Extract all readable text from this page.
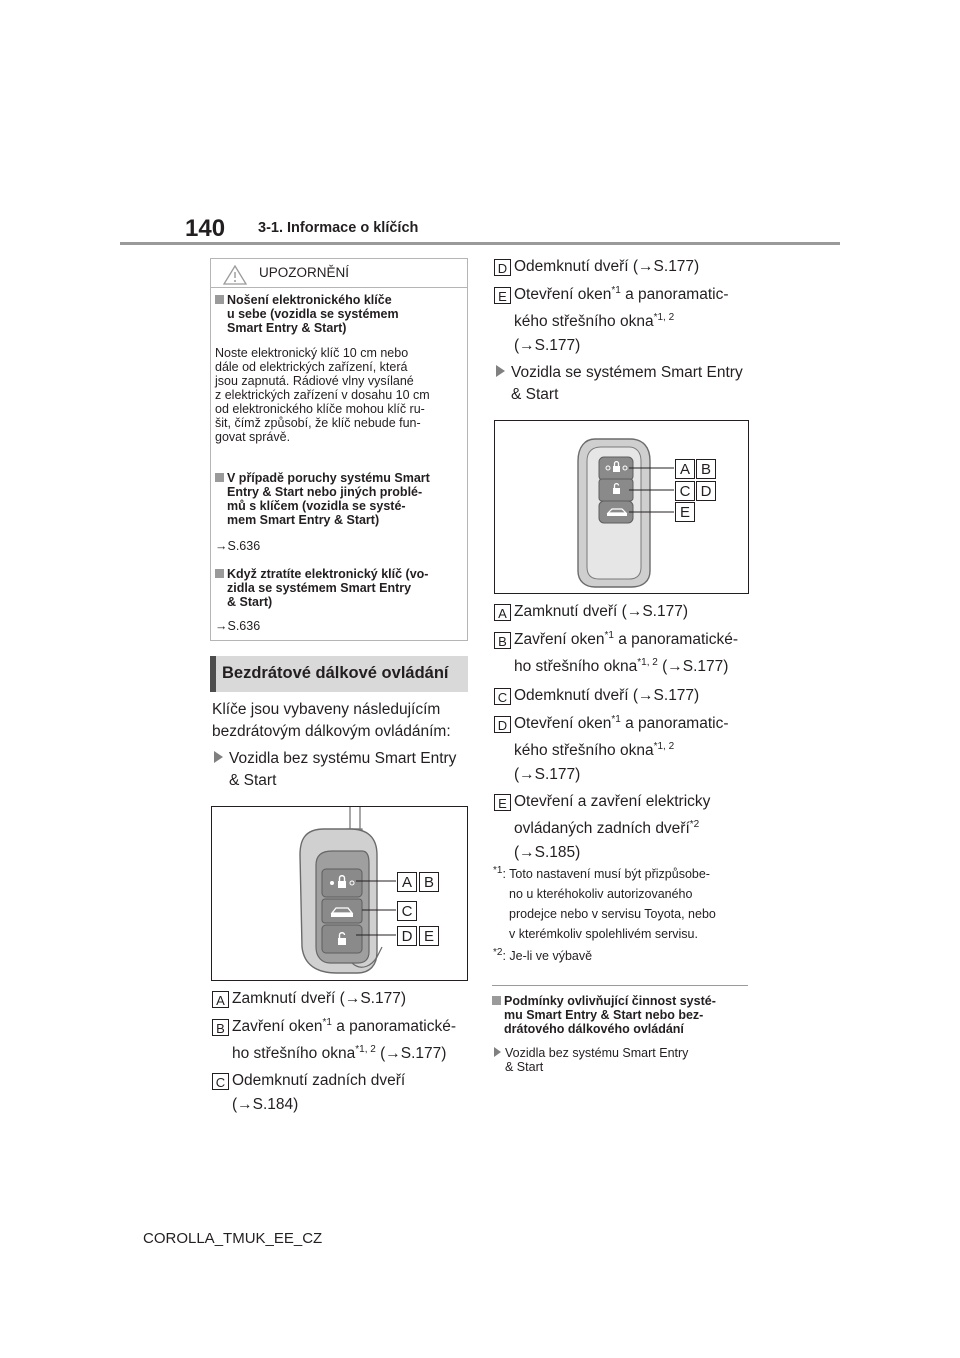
140 3-1. Informace o klíčích
UPOZORNĚNÍ
Nošení elektronického klíče
u sebe (vozidla se systémem
Smart Entry & Start)
Noste elektronický klíč 10 cm nebo
dále od elektrických zařízení, která
jsou zapnutá. Rádiové vlny vysílané
z elektrických zařízení v dosahu 10 cm
od elektronického klíče mohou klíč ru-
šit, čímž způsobí, že klíč nebude fun-
govat správě.
V případě poruchy systému Smart
Entry & Start nebo jiných problé-
mů s klíčem (vozidla se systé-
mem Smart Entry & Start)
→S.636
Když ztratíte elektronický klíč (vo-
zidla se systémem Smart Entry
& Start)
→S.636
Bezdrátové dálkové ovládání
Klíče jsou vybaveny následujícím
bezdrátovým dálkovým ovládáním:
Vozidla bez systému Smart Entry
& Start
A B
C
D E
A Zamknutí dveří (→S.177)
B Zavření oken$^{*1}$ a panoramatické-
ho střešního okna$^{*1, 2}$ (→S.177)
C Odemknutí zadních dveří
(→S.184)
D Odemknutí dveří (→S.177)
E Otevření oken$^{*1}$ a panoramatic-
kého střešního okna$^{*1, 2}$
(→S.177)
Vozidla se systémem Smart Entry
& Start
A B
C D
E
A Zamknutí dveří (→S.177)
B Zavření oken$^{*1}$ a panoramatické-
ho střešního okna$^{*1, 2}$ (→S.177)
C Odemknutí dveří (→S.177)
D Otevření oken$^{*1}$ a panoramatic-
kého střešního okna$^{*1, 2}$
(→S.177)
E Otevření a zavření elektricky
ovládaných zadních dveří$^{*2}$
(→S.185)
$^{*1}$: Toto nastavení musí být přizpůsobe-
no u kteréhokoliv autorizovaného
prodejce nebo v servisu Toyota, nebo
v kterémkoliv spolehlivém servisu.
$^{*2}$: Je-li ve výbavě
Podmínky ovlivňující činnost systé-
mu Smart Entry & Start nebo bez-
drátového dálkového ovládání
Vozidla bez systému Smart Entry
& Start
COROLLA_TMUK_EE_CZ
